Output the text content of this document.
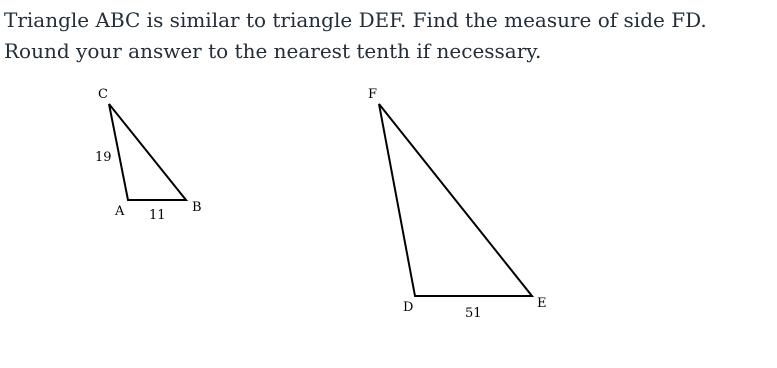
Triangle ABC is similar to triangle DEF. Find the measure of side FD. Round your answer to the nearest tenth if necessary.

C
A	B
19
11
F
D	E
51
